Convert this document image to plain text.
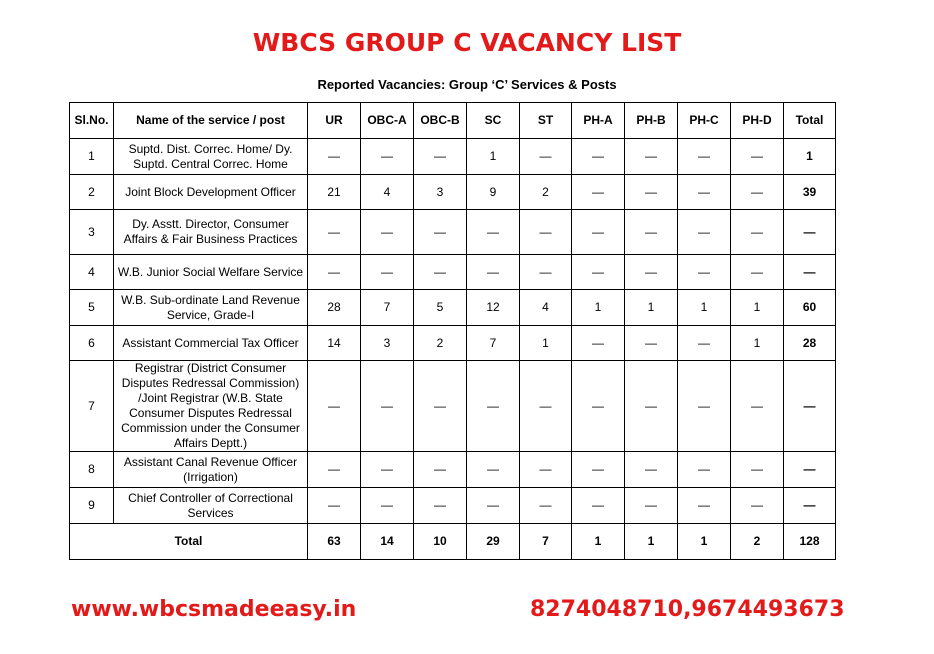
WBCS GROUP C VACANCY LIST
Reported Vacancies: Group ‘C’ Services & Posts
Sl.No.	Name of the service / post	UR	OBC-A	OBC-B	SC	ST	PH-A	PH-B	PH-C	PH-D	Total
1	Suptd. Dist. Correc. Home/ Dy. Suptd. Central Correc. Home	—	—	—	1	—	—	—	—	—	1
2	Joint Block Development Officer	21	4	3	9	2	—	—	—	—	39
3	Dy. Asstt. Director, Consumer Affairs & Fair Business Practices	—	—	—	—	—	—	—	—	—	—
4	W.B. Junior Social Welfare Service	—	—	—	—	—	—	—	—	—	—
5	W.B. Sub-ordinate Land Revenue Service, Grade-I	28	7	5	12	4	1	1	1	1	60
6	Assistant Commercial Tax Officer	14	3	2	7	1	—	—	—	1	28
7	Registrar (District Consumer Disputes Redressal Commission) /Joint Registrar (W.B. State Consumer Disputes Redressal Commission under the Consumer Affairs Deptt.)	—	—	—	—	—	—	—	—	—	—
8	Assistant Canal Revenue Officer (Irrigation)	—	—	—	—	—	—	—	—	—	—
9	Chief Controller of Correctional Services	—	—	—	—	—	—	—	—	—	—
Total		63	14	10	29	7	1	1	1	2	128
www.wbcsmadeeasy.in	8274048710,9674493673
